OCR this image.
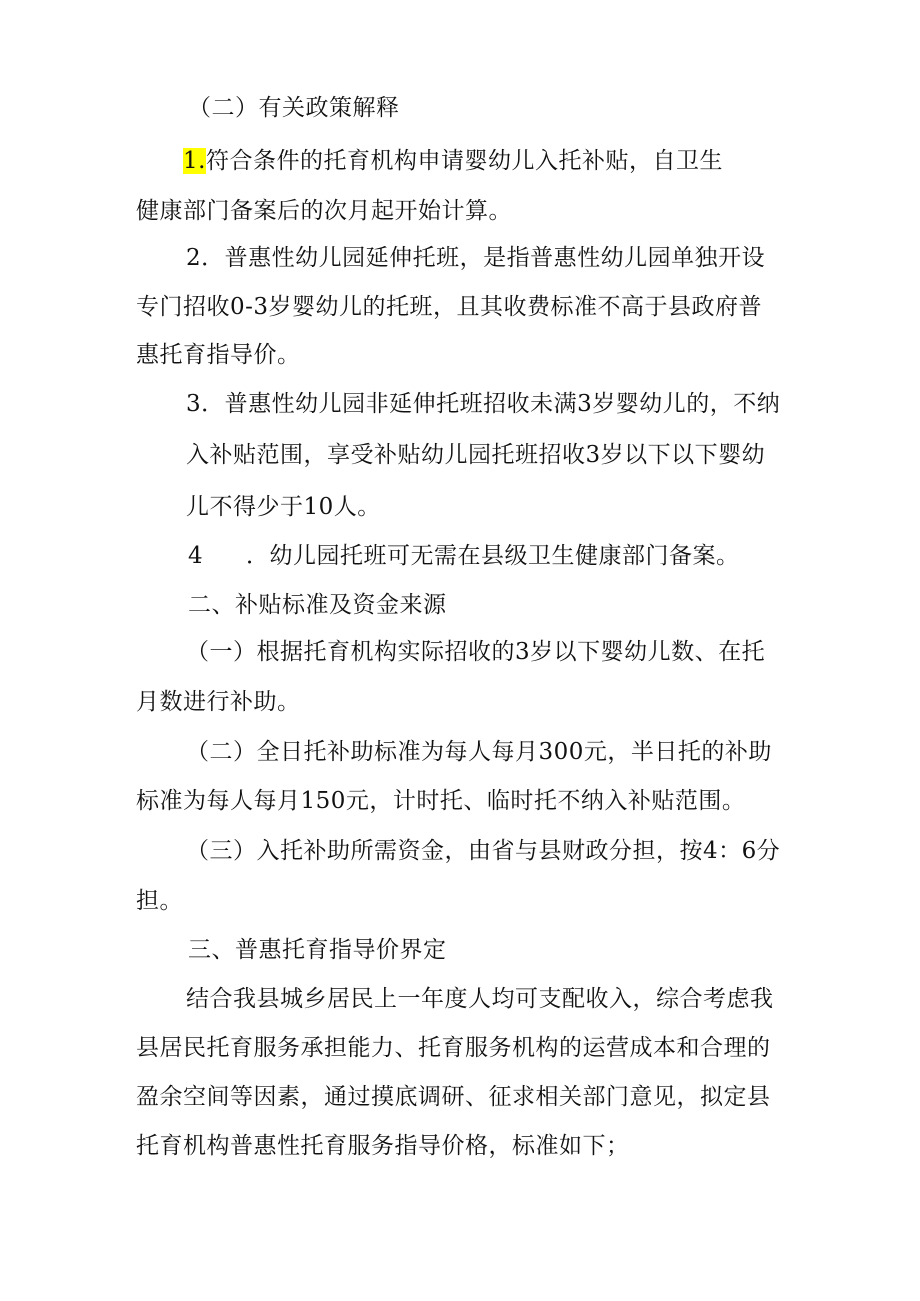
（二）有关政策解释
1.符合条件的托育机构申请婴幼儿入托补贴，自卫生
健康部门备案后的次月起开始计算。
2．普惠性幼儿园延伸托班，是指普惠性幼儿园单独开设
专门招收0-3岁婴幼儿的托班，且其收费标准不高于县政府普
惠托育指导价。
3．普惠性幼儿园非延伸托班招收未满3岁婴幼儿的，不纳
入补贴范围，享受补贴幼儿园托班招收3岁以下以下婴幼
儿不得少于10人。
4 ．幼儿园托班可无需在县级卫生健康部门备案。
二、补贴标准及资金来源
（一）根据托育机构实际招收的3岁以下婴幼儿数、在托
月数进行补助。
（二）全日托补助标准为每人每月300元，半日托的补助
标准为每人每月150元，计时托、临时托不纳入补贴范围。
（三）入托补助所需资金，由省与县财政分担，按4：6分
担。
三、普惠托育指导价界定
结合我县城乡居民上一年度人均可支配收入，综合考虑我
县居民托育服务承担能力、托育服务机构的运营成本和合理的
盈余空间等因素，通过摸底调研、征求相关部门意见，拟定县
托育机构普惠性托育服务指导价格，标准如下；
